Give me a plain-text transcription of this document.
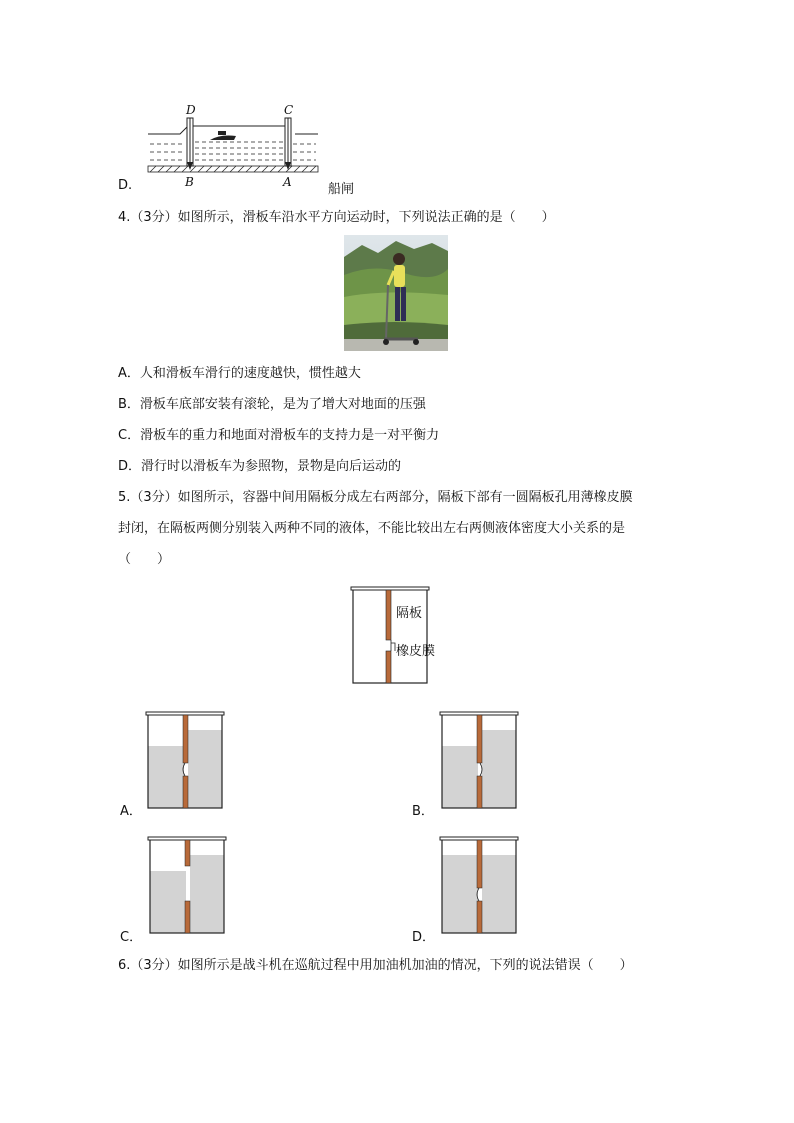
D.
D	C
B	A	船闸
4.（3分）如图所示，滑板车沿水平方向运动时，下列说法正确的是（　　）
A．人和滑板车滑行的速度越快，惯性越大
B．滑板车底部安装有滚轮，是为了增大对地面的压强
C．滑板车的重力和地面对滑板车的支持力是一对平衡力
D．滑行时以滑板车为参照物，景物是向后运动的
5.（3分）如图所示，容器中间用隔板分成左右两部分，隔板下部有一圆隔板孔用薄橡皮膜
封闭，在隔板两侧分别装入两种不同的液体，不能比较出左右两侧液体密度大小关系的是
（　　）
隔板
橡皮膜
A．	B．
C．	D．
6.（3分）如图所示是战斗机在巡航过程中用加油机加油的情况，下列的说法错误（　　）
